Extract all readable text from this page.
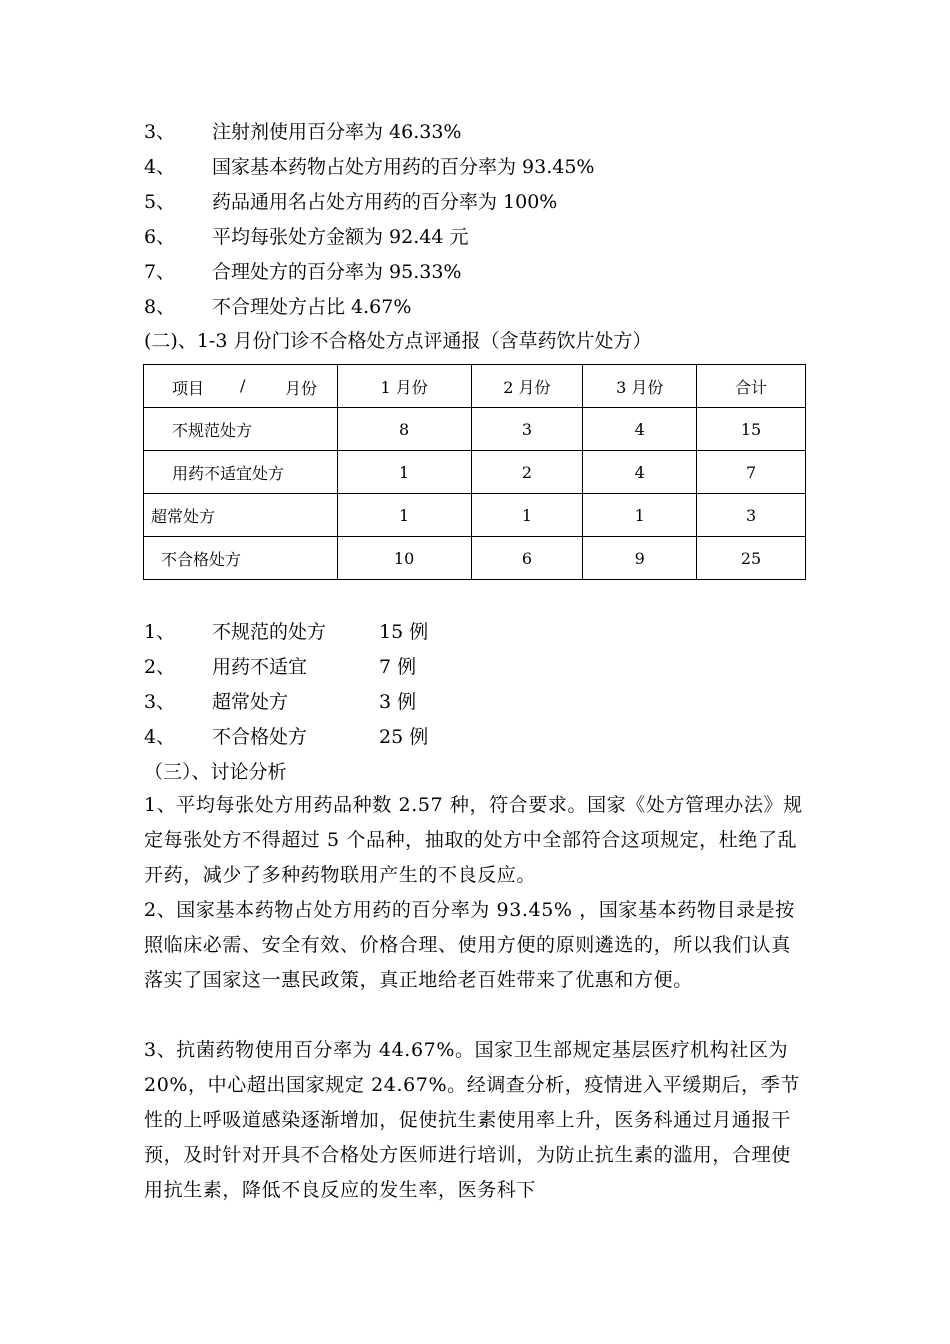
3、 注射剂使用百分率为 46.33%
4、 国家基本药物占处方用药的百分率为 93.45%
5、 药品通用名占处方用药的百分率为 100%
6、 平均每张处方金额为 92.44 元
7、 合理处方的百分率为 95.33%
8、 不合理处方占比 4.67%
(二)、1-3 月份门诊不合格处方点评通报（含草药饮片处方）
项目 / 月份	1 月份	2 月份	3 月份	合计
不规范处方	8	3	4	15
用药不适宜处方	1	2	4	7
超常处方	1	1	1	3
不合格处方	10	6	9	25
1、 不规范的处方	15 例
2、 用药不适宜	7 例
3、 超常处方	3 例
4、 不合格处方	25 例
（三）、讨论分析
1、平均每张处方用药品种数 2.57 种，符合要求。国家《处方管理办法》规定每张处方不得超过 5 个品种，抽取的处方中全部符合这项规定，杜绝了乱开药，减少了多种药物联用产生的不良反应。
2、国家基本药物占处方用药的百分率为 93.45% ，国家基本药物目录是按照临床必需、安全有效、价格合理、使用方便的原则遴选的，所以我们认真落实了国家这一惠民政策，真正地给老百姓带来了优惠和方便。
3、抗菌药物使用百分率为 44.67%。国家卫生部规定基层医疗机构社区为 20%，中心超出国家规定 24.67%。经调查分析，疫情进入平缓期后，季节性的上呼吸道感染逐渐增加，促使抗生素使用率上升，医务科通过月通报干预，及时针对开具不合格处方医师进行培训，为防止抗生素的滥用，合理使用抗生素，降低不良反应的发生率，医务科下
